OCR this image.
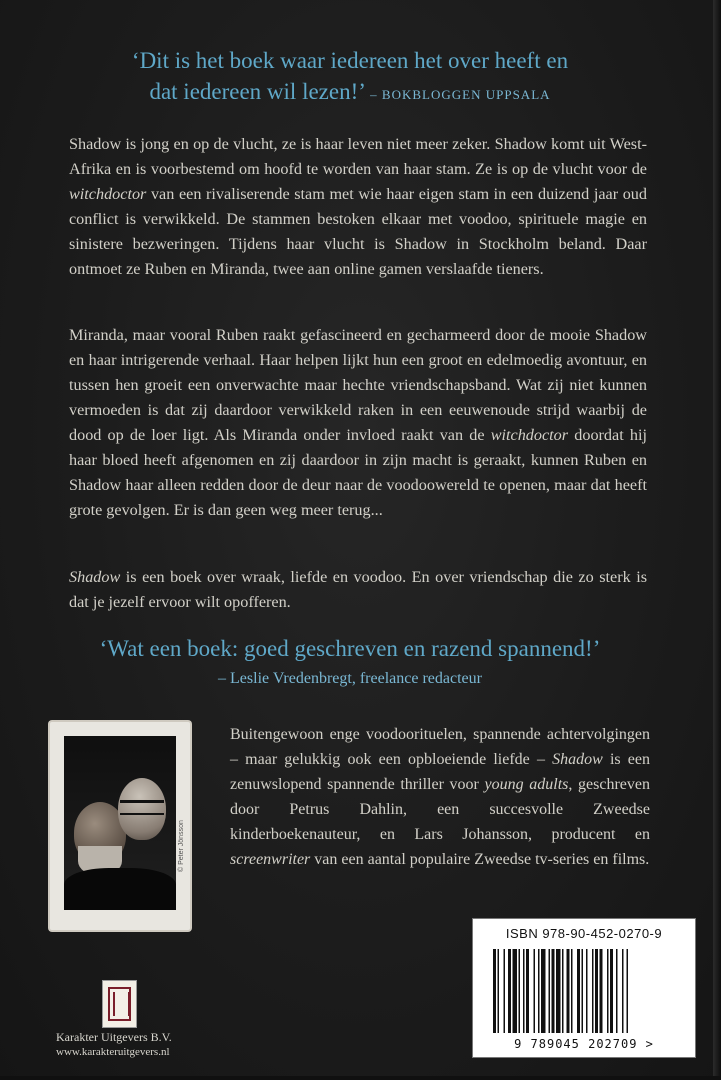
‘Dit is het boek waar iedereen het over heeft en
dat iedereen wil lezen!’ – BOKBLOGGEN UPPSALA
Shadow is jong en op de vlucht, ze is haar leven niet meer zeker. Shadow komt uit West-Afrika en is voorbestemd om hoofd te worden van haar stam. Ze is op de vlucht voor de witchdoctor van een rivaliserende stam met wie haar eigen stam in een duizend jaar oud conflict is verwikkeld. De stammen bestoken elkaar met voodoo, spirituele magie en sinistere bezweringen. Tijdens haar vlucht is Shadow in Stockholm beland. Daar ontmoet ze Ruben en Miranda, twee aan online gamen verslaafde tieners.
Miranda, maar vooral Ruben raakt gefascineerd en gecharmeerd door de mooie Shadow en haar intrigerende verhaal. Haar helpen lijkt hun een groot en edelmoedig avontuur, en tussen hen groeit een onverwachte maar hechte vriendschapsband. Wat zij niet kunnen vermoeden is dat zij daardoor verwikkeld raken in een eeuwenoude strijd waarbij de dood op de loer ligt. Als Miranda onder invloed raakt van de witchdoctor doordat hij haar bloed heeft afgenomen en zij daardoor in zijn macht is geraakt, kunnen Ruben en Shadow haar alleen redden door de deur naar de voodoowereld te openen, maar dat heeft grote gevolgen. Er is dan geen weg meer terug...
Shadow is een boek over wraak, liefde en voodoo. En over vriendschap die zo sterk is dat je jezelf ervoor wilt opofferen.
‘Wat een boek: goed geschreven en razend spannend!’
– Leslie Vredenbregt, freelance redacteur
© Peter Jönsson
Buitengewoon enge voodoorituelen, spannende achtervolgingen – maar gelukkig ook een opbloeiende liefde – Shadow is een zenuwslopend spannende thriller voor young adults, geschreven door Petrus Dahlin, een succesvolle Zweedse kinderboekenauteur, en Lars Johansson, producent en screenwriter van een aantal populaire Zweedse tv-series en films.
Karakter Uitgevers B.V.
www.karakteruitgevers.nl
ISBN 978-90-452-0270-9
9 789045 202709 >
